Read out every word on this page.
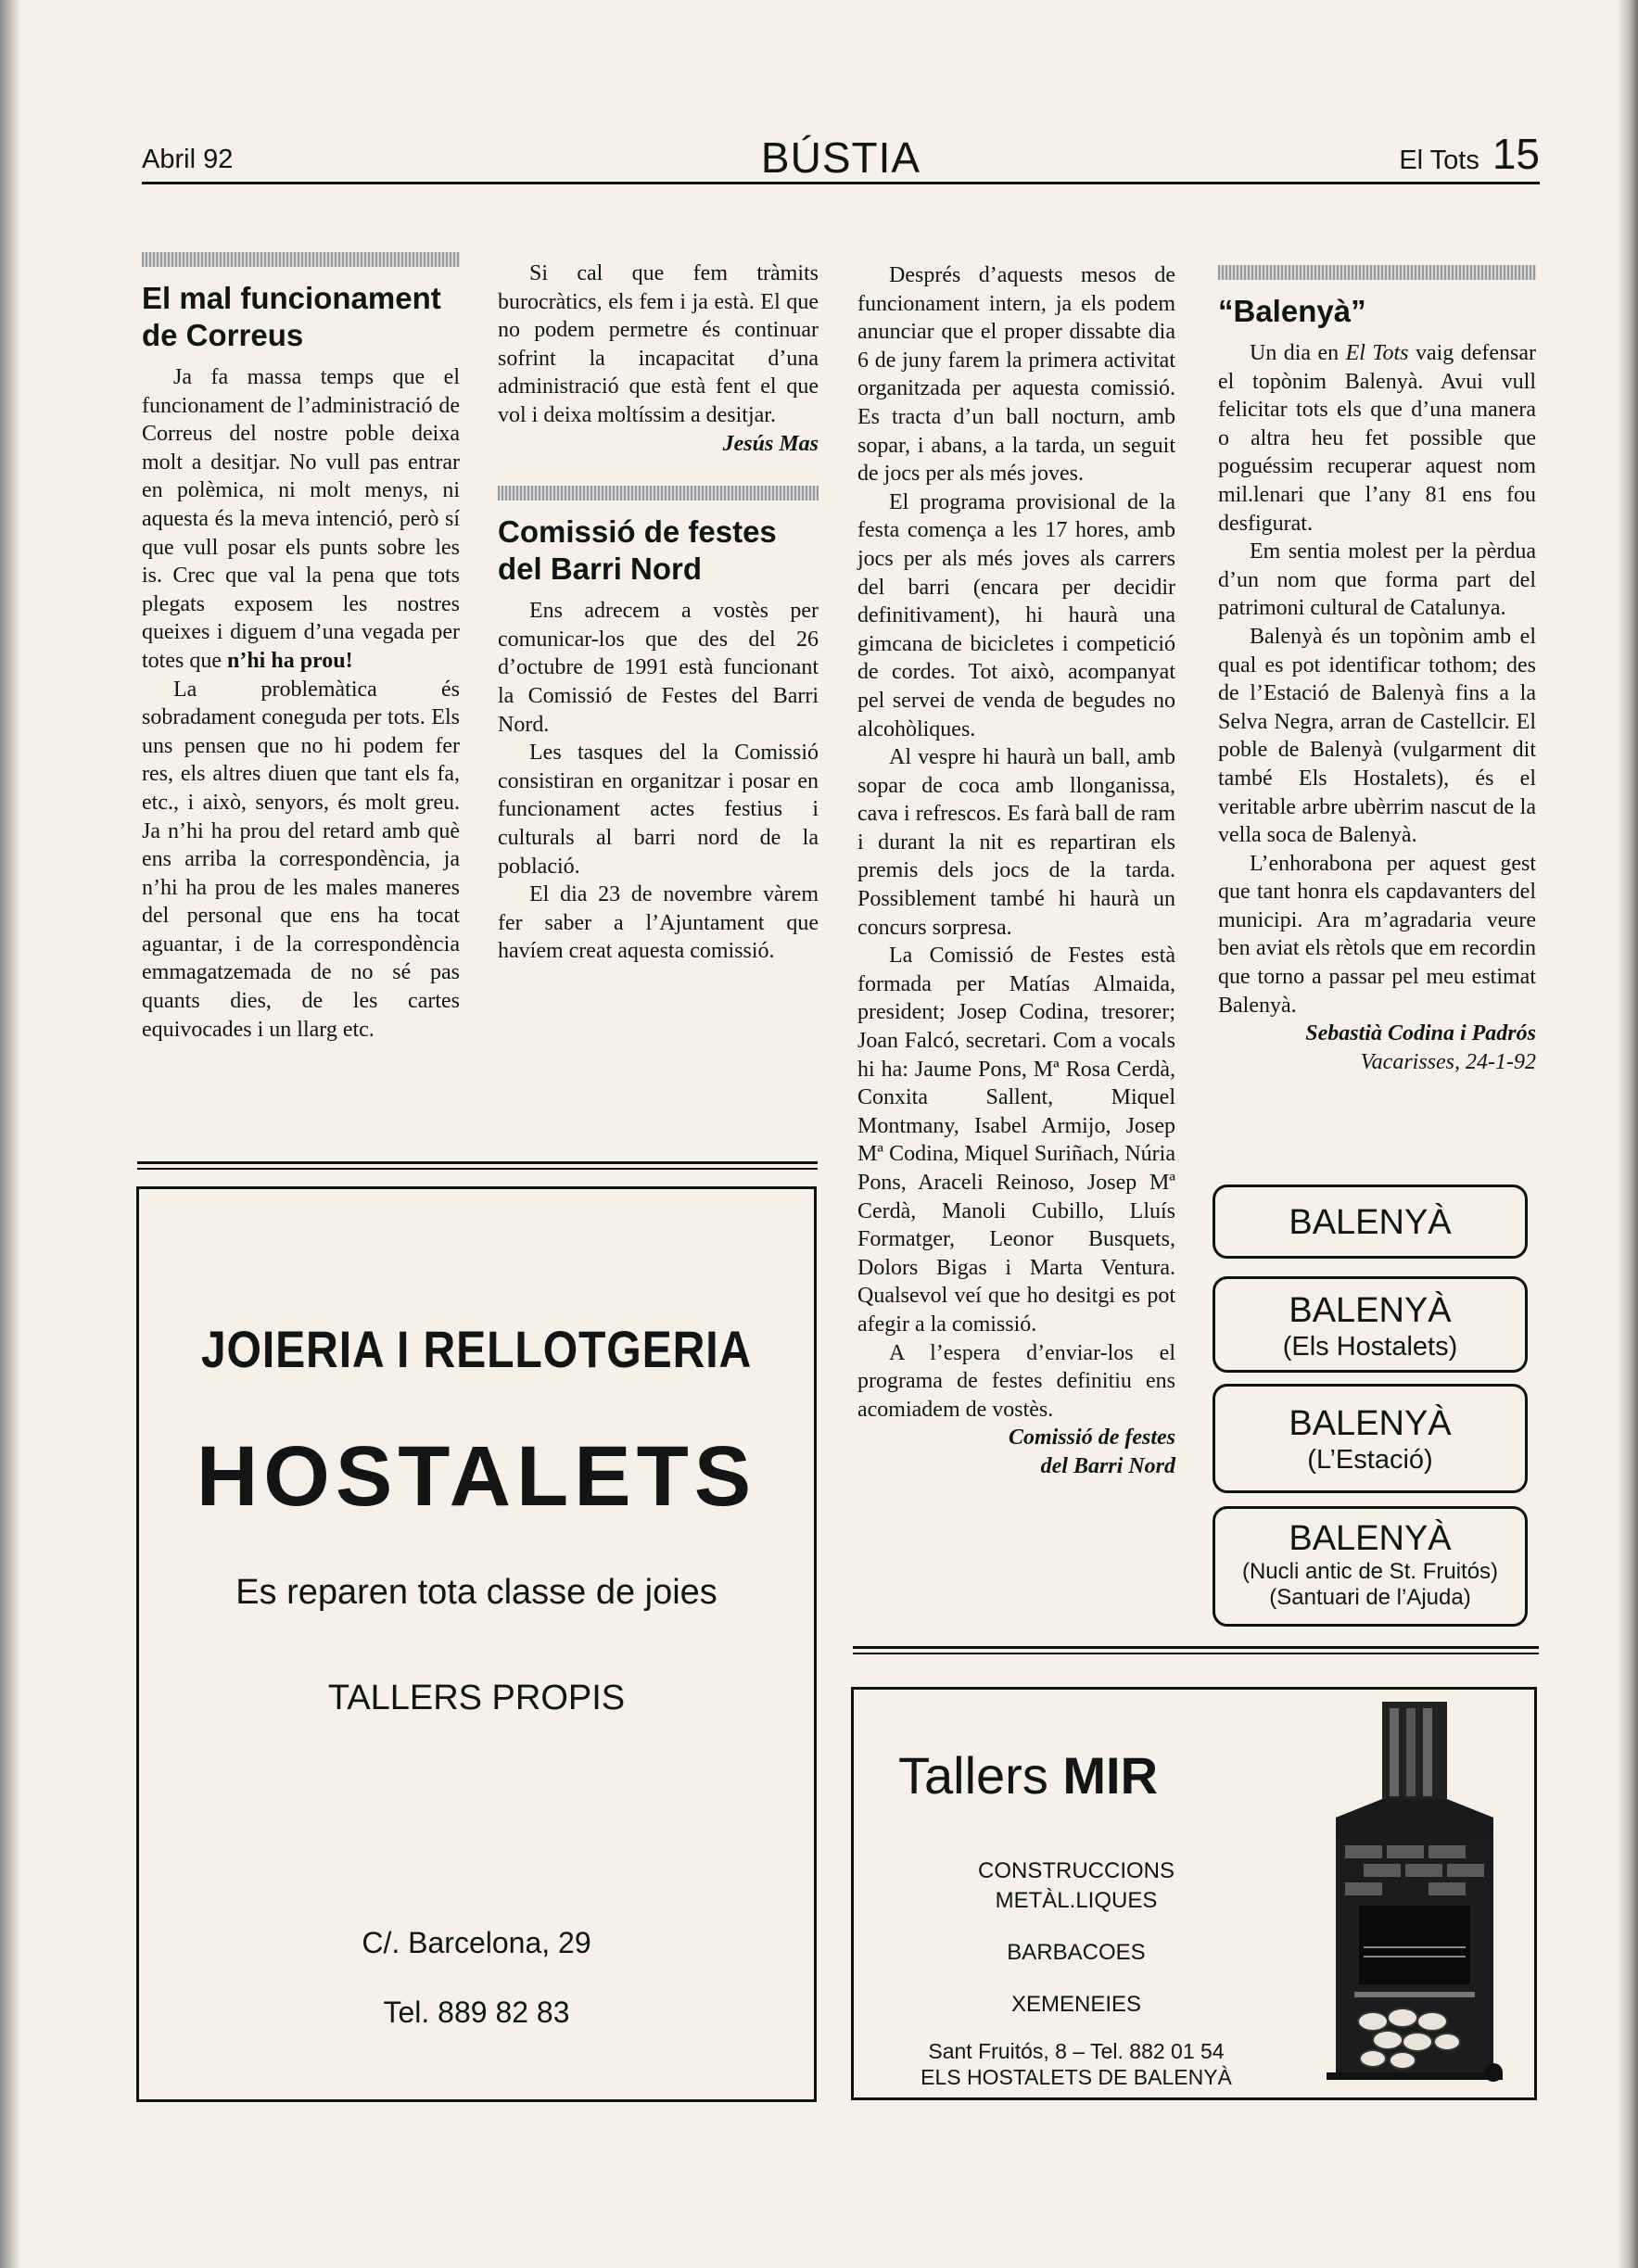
Abril 92	BÚSTIA	El Tots 15
El mal funcionament de Correus

Ja fa massa temps que el funcionament de l’administració de Correus del nostre poble deixa molt a desitjar. No vull pas entrar en polèmica, ni molt menys, ni aquesta és la meva intenció, però sí que vull posar els punts sobre les is. Crec que val la pena que tots plegats exposem les nostres queixes i diguem d’una vegada per totes que n’hi ha prou!

La problemàtica és sobradament coneguda per tots. Els uns pensen que no hi podem fer res, els altres diuen que tant els fa, etc., i això, senyors, és molt greu. Ja n’hi ha prou del retard amb què ens arriba la correspondència, ja n’hi ha prou de les males maneres del personal que ens ha tocat aguantar, i de la correspondència emmagatzemada de no sé pas quants dies, de les cartes equivocades i un llarg etc.

Si cal que fem tràmits burocràtics, els fem i ja està. El que no podem permetre és continuar sofrint la incapacitat d’una administració que està fent el que vol i deixa moltíssim a desitjar.

Jesús Mas

Comissió de festes del Barri Nord

Ens adrecem a vostès per comunicar-los que des del 26 d’octubre de 1991 està funcionant la Comissió de Festes del Barri Nord.

Les tasques del la Comissió consistiran en organitzar i posar en funcionament actes festius i culturals al barri nord de la població.

El dia 23 de novembre vàrem fer saber a l’Ajuntament que havíem creat aquesta comissió.

Després d’aquests mesos de funcionament intern, ja els podem anunciar que el proper dissabte dia 6 de juny farem la primera activitat organitzada per aquesta comissió. Es tracta d’un ball nocturn, amb sopar, i abans, a la tarda, un seguit de jocs per als més joves.

El programa provisional de la festa comença a les 17 hores, amb jocs per als més joves als carrers del barri (encara per decidir definitivament), hi haurà una gimcana de bicicletes i competició de cordes. Tot això, acompanyat pel servei de venda de begudes no alcohòliques.

Al vespre hi haurà un ball, amb sopar de coca amb llonganissa, cava i refrescos. Es farà ball de ram i durant la nit es repartiran els premis dels jocs de la tarda. Possiblement també hi haurà un concurs sorpresa.

La Comissió de Festes està formada per Matías Almaida, president; Josep Codina, tresorer; Joan Falcó, secretari. Com a vocals hi ha: Jaume Pons, Mª Rosa Cerdà, Conxita Sallent, Miquel Montmany, Isabel Armijo, Josep Mª Codina, Miquel Suriñach, Núria Pons, Araceli Reinoso, Josep Mª Cerdà, Manoli Cubillo, Lluís Formatger, Leonor Busquets, Dolors Bigas i Marta Ventura. Qualsevol veí que ho desitgi es pot afegir a la comissió.

A l’espera d’enviar-los el programa de festes definitiu ens acomiadem de vostès.

Comissió de festes

del Barri Nord

“Balenyà”

Un dia en El Tots vaig defensar el topònim Balenyà. Avui vull felicitar tots els que d’una manera o altra heu fet possible que poguéssim recuperar aquest nom mil.lenari que l’any 81 ens fou desfigurat.

Em sentia molest per la pèrdua d’un nom que forma part del patrimoni cultural de Catalunya.

Balenyà és un topònim amb el qual es pot identificar tothom; des de l’Estació de Balenyà fins a la Selva Negra, arran de Castellcir. El poble de Balenyà (vulgarment dit també Els Hostalets), és el veritable arbre ubèrrim nascut de la vella soca de Balenyà.

L’enhorabona per aquest gest que tant honra els capdavanters del municipi. Ara m’agradaria veure ben aviat els rètols que em recordin que torno a passar pel meu estimat Balenyà.

Sebastià Codina i Padrós

Vacarisses, 24-1-92

JOIERIA I RELLOTGERIA
HOSTALETS
Es reparen tota classe de joies
TALLERS PROPIS
C/. Barcelona, 29
Tel. 889 82 83
BALENYÀ
BALENYÀ
(Els Hostalets)
BALENYÀ
(L’Estació)
BALENYÀ
(Nucli antic de St. Fruitós)
(Santuari de l’Ajuda)
Tallers MIR
CONSTRUCCIONS
METÀL.LIQUES
BARBACOES
XEMENEIES
Sant Fruitós, 8 – Tel. 882 01 54
ELS HOSTALETS DE BALENYÀ
